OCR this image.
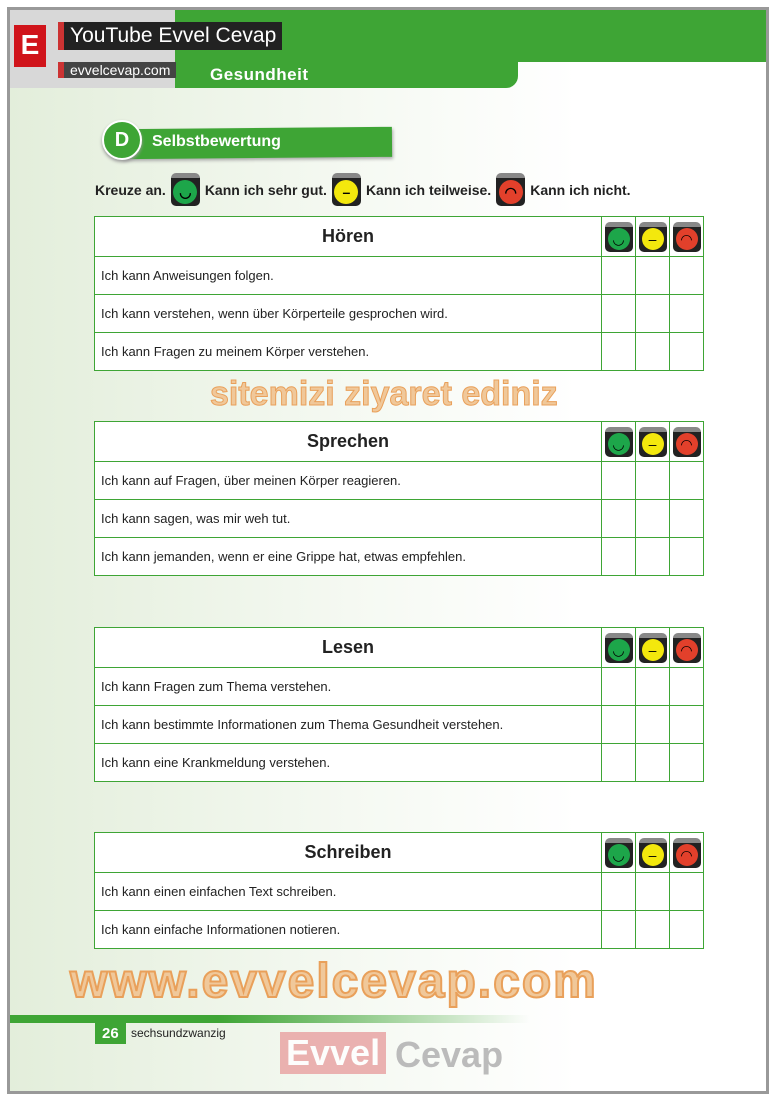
Gesundheit
E	YouTube Evvel Cevap
evvelcevap.com
D	Selbstbewertung
Kreuze an. ◡ Kann ich sehr gut.	–	Kann ich teilweise. ◠ Kann ich nicht.
Hören	◡	–	◠

Ich kann Anweisungen folgen.			
Ich kann verstehen, wenn über Körperteile gesprochen wird.			
Ich kann Fragen zu meinem Körper verstehen.			
Sprechen	◡	–	◠

Ich kann auf Fragen, über meinen Körper reagieren.			
Ich kann sagen, was mir weh tut.			
Ich kann jemanden, wenn er eine Grippe hat, etwas empfehlen.			
Lesen	◡	–	◠

Ich kann Fragen zum Thema verstehen.			
Ich kann bestimmte Informationen zum Thema Gesundheit verstehen.			
Ich kann eine Krankmeldung verstehen.			
Schreiben	◡	–	◠

Ich kann einen einfachen Text schreiben.			
Ich kann einfache Informationen notieren.			
www.evvelcevap.com
sitemizi ziyaret ediniz
26	sechsundzwanzig Evvel Cevap
